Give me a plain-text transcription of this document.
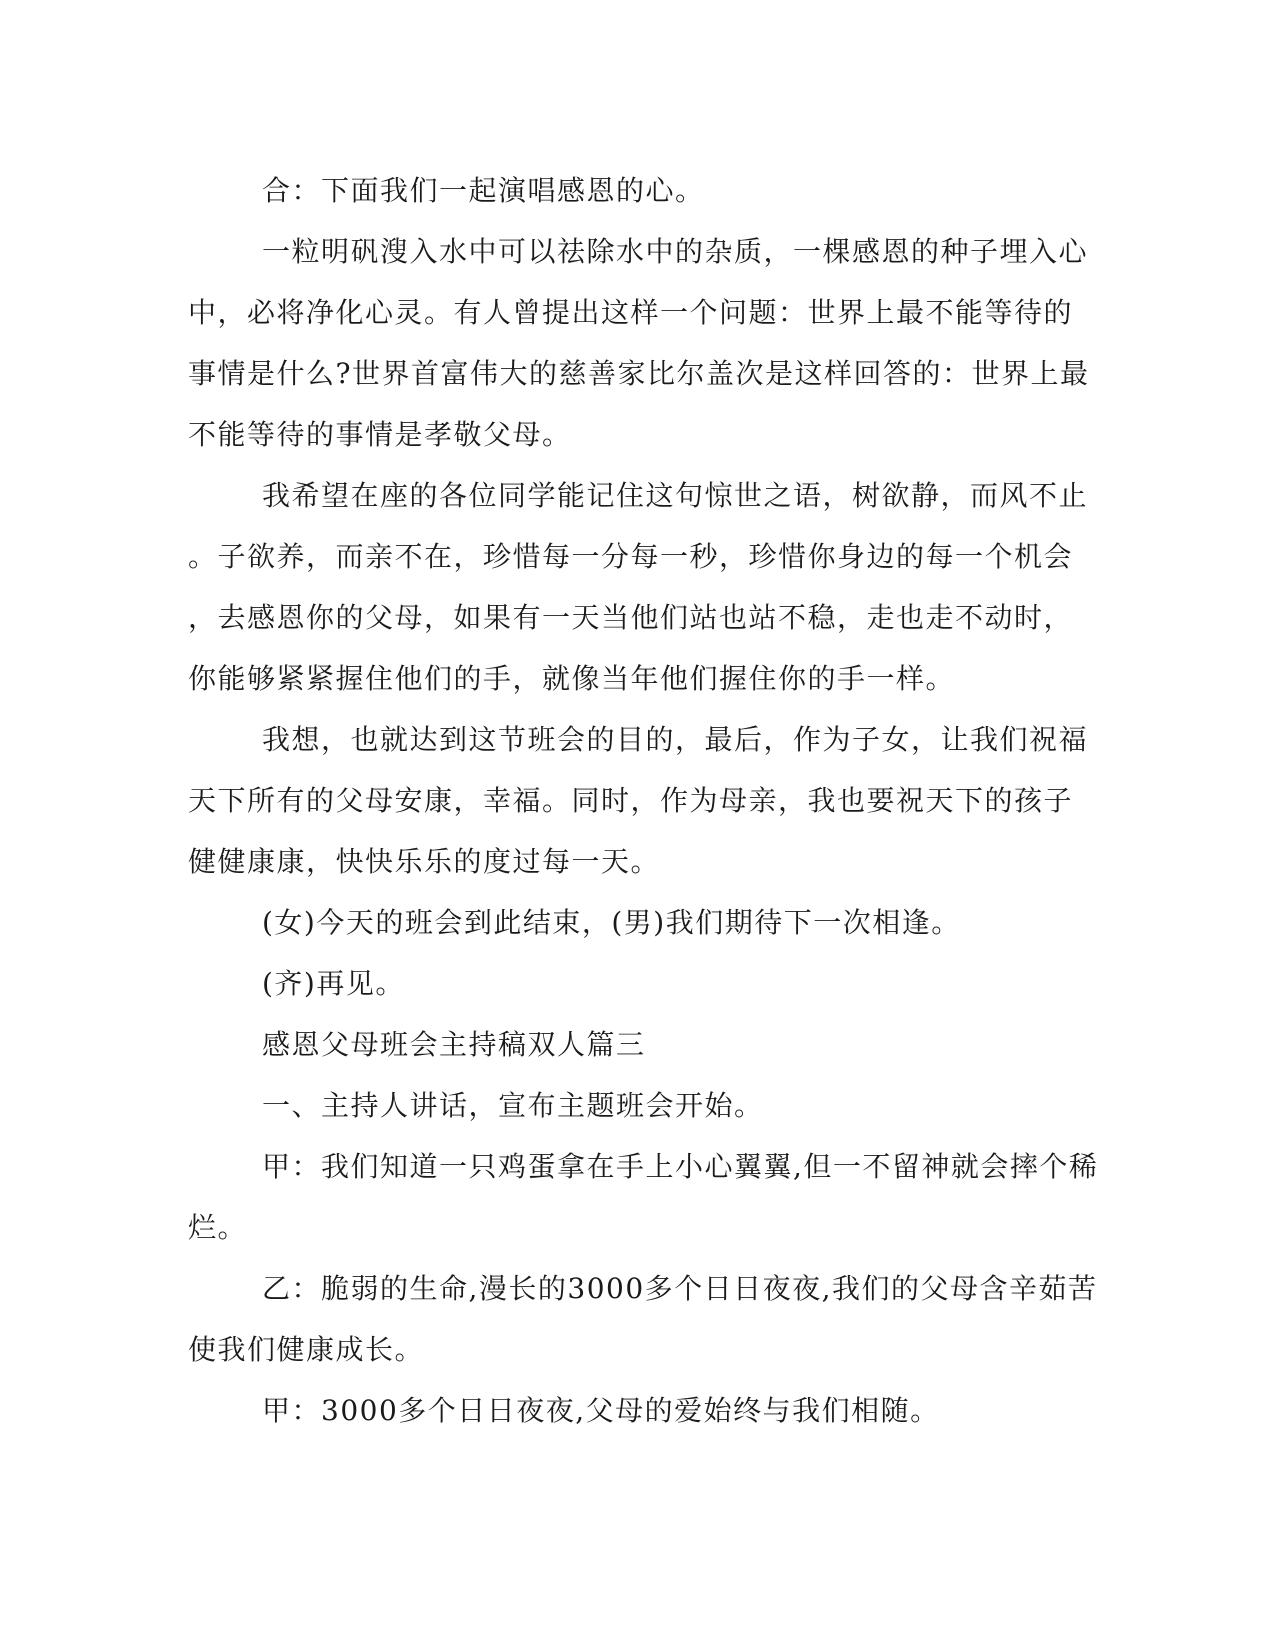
合：下面我们一起演唱感恩的心。
一粒明矾溲入水中可以祛除水中的杂质，一棵感恩的种子埋入心
中，必将净化心灵。有人曾提出这样一个问题：世界上最不能等待的
事情是什么?世界首富伟大的慈善家比尔盖次是这样回答的：世界上最
不能等待的事情是孝敬父母。
我希望在座的各位同学能记住这句惊世之语，树欲静，而风不止
。子欲养，而亲不在，珍惜每一分每一秒，珍惜你身边的每一个机会
，去感恩你的父母，如果有一天当他们站也站不稳，走也走不动时，
你能够紧紧握住他们的手，就像当年他们握住你的手一样。
我想，也就达到这节班会的目的，最后，作为子女，让我们祝福
天下所有的父母安康，幸福。同时，作为母亲，我也要祝天下的孩子
健健康康，快快乐乐的度过每一天。
(女)今天的班会到此结束，(男)我们期待下一次相逢。
(齐)再见。
感恩父母班会主持稿双人篇三
一、主持人讲话，宣布主题班会开始。
甲：我们知道一只鸡蛋拿在手上小心翼翼,但一不留神就会摔个稀
烂。
乙：脆弱的生命,漫长的3000多个日日夜夜,我们的父母含辛茹苦
使我们健康成长。
甲：3000多个日日夜夜,父母的爱始终与我们相随。
